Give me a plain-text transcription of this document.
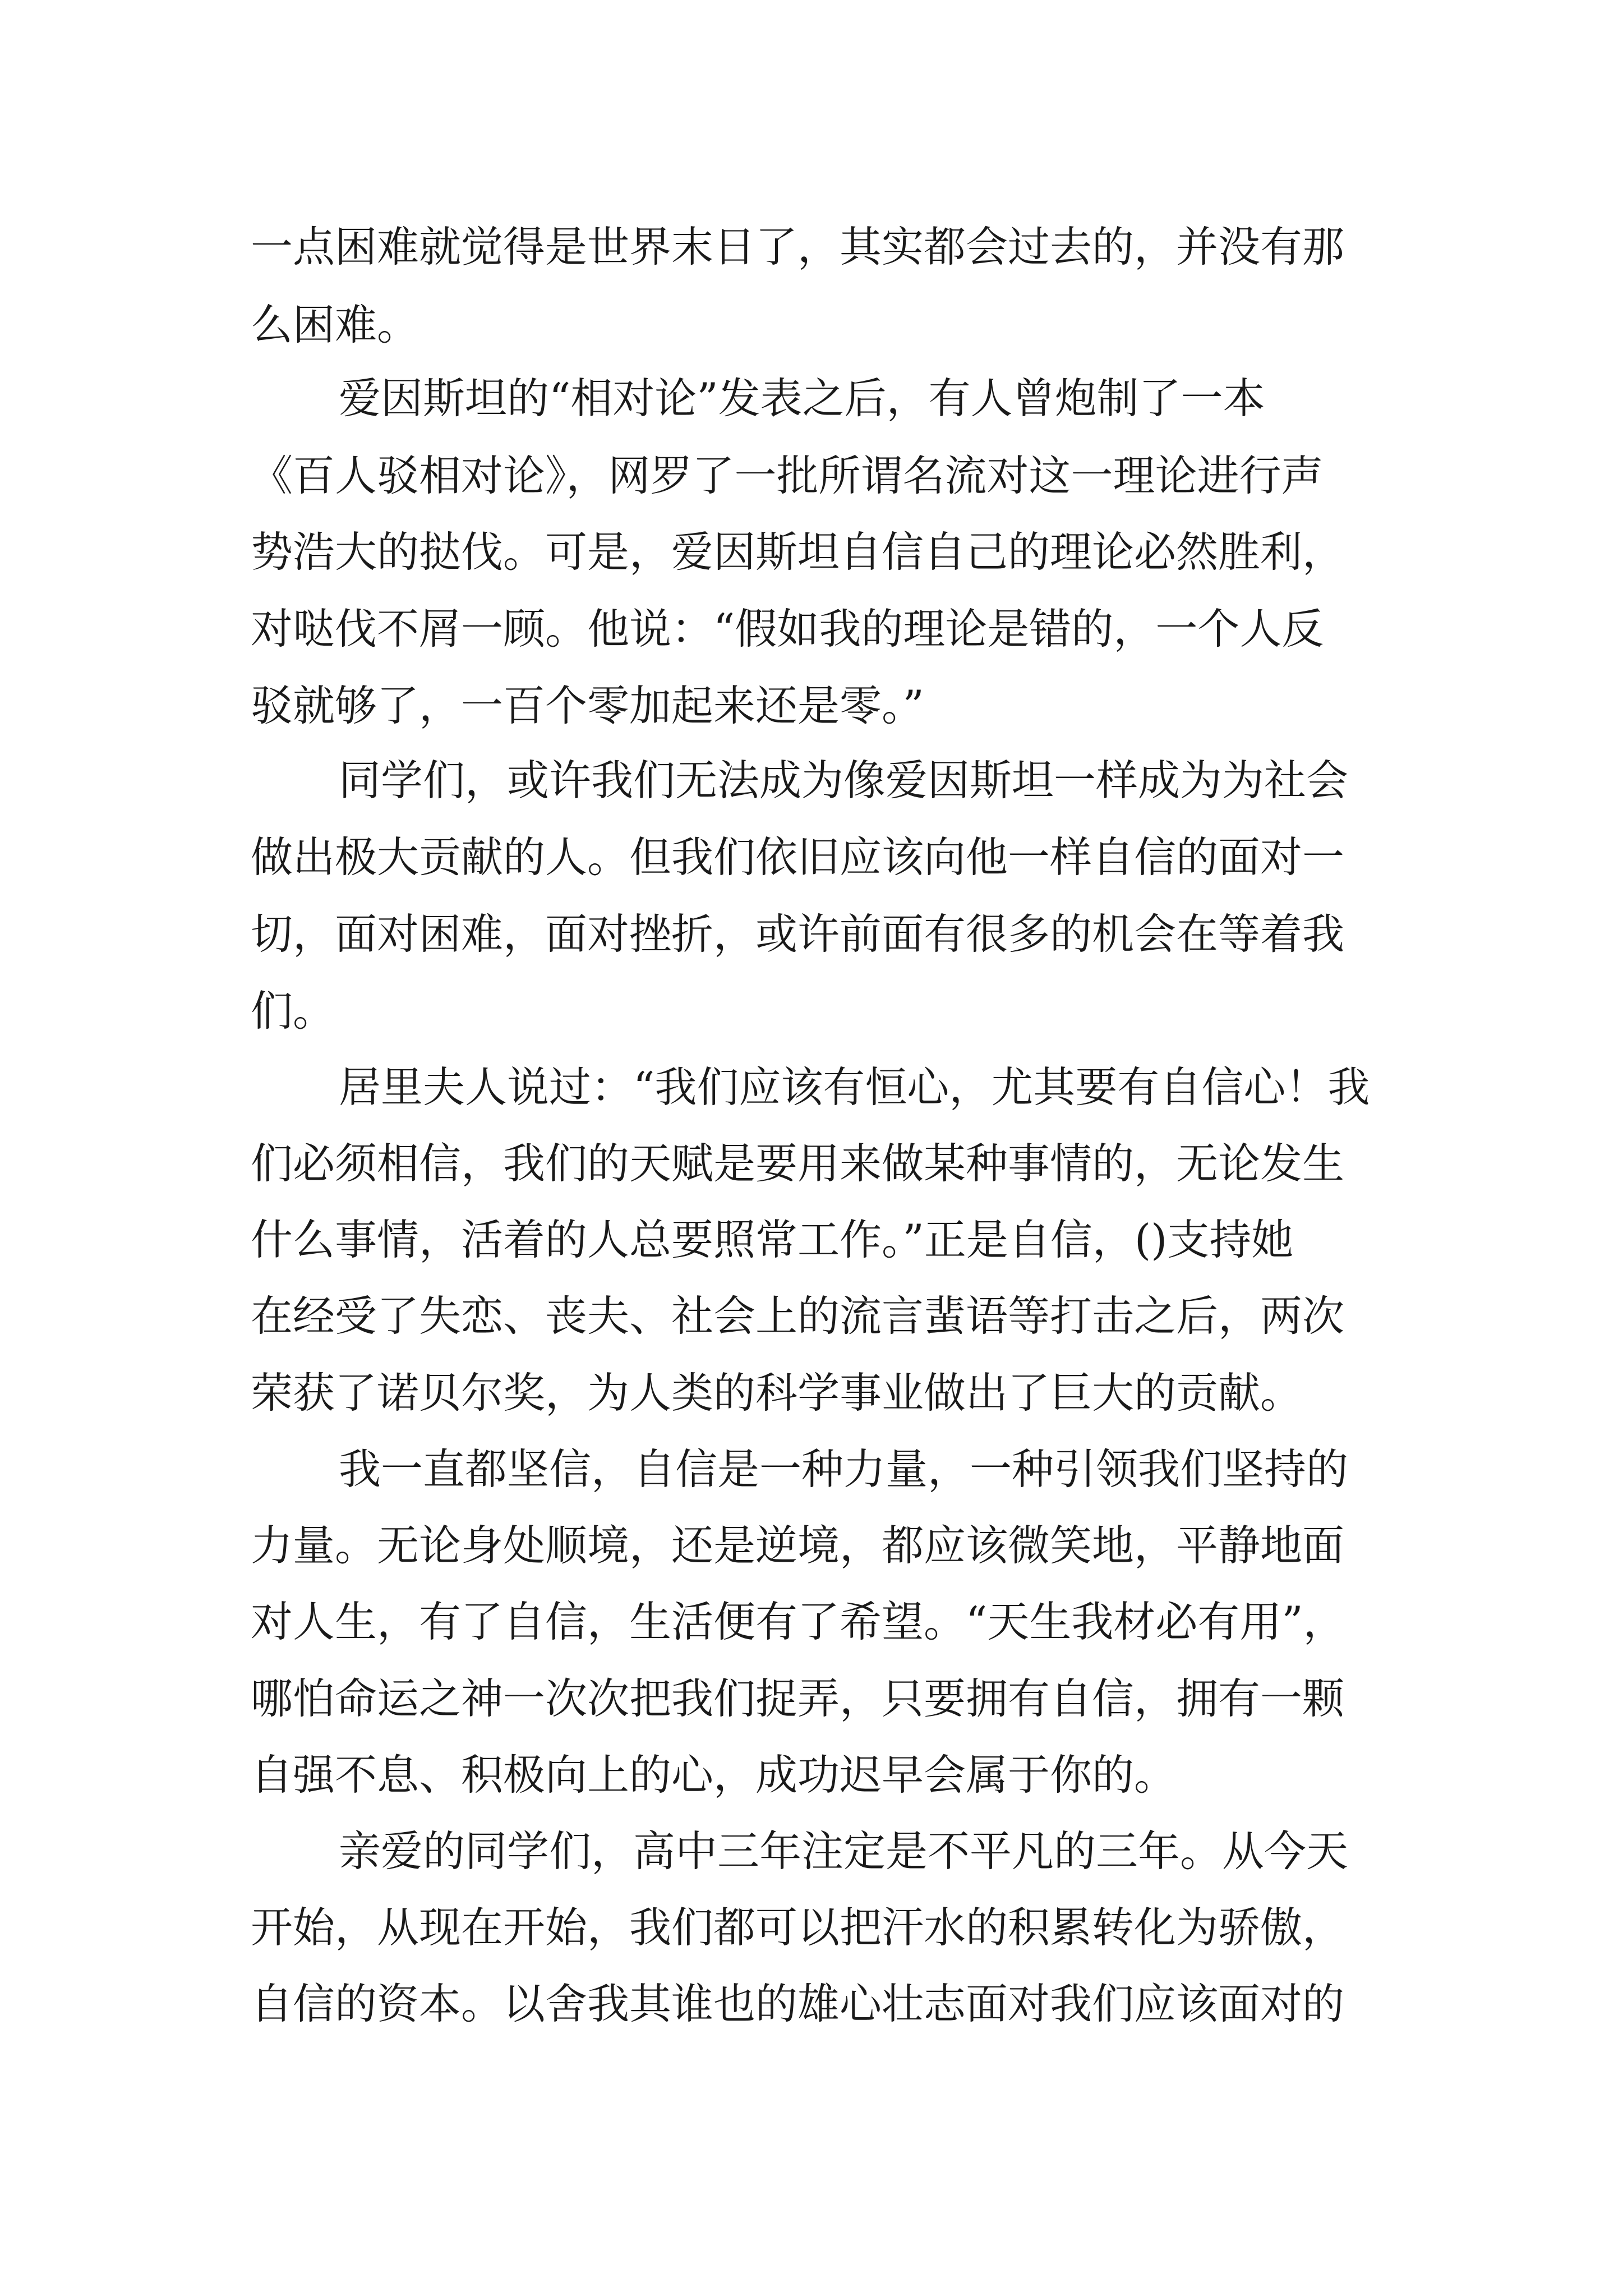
一点困难就觉得是世界末日了，其实都会过去的，并没有那
么困难。
爱因斯坦的“相对论”发表之后，有人曾炮制了一本
《百人驳相对论》，网罗了一批所谓名流对这一理论进行声
势浩大的挞伐。可是，爱因斯坦自信自己的理论必然胜利，
对哒伐不屑一顾。他说：“假如我的理论是错的，一个人反
驳就够了，一百个零加起来还是零。”
同学们，或许我们无法成为像爱因斯坦一样成为为社会
做出极大贡献的人。但我们依旧应该向他一样自信的面对一
切，面对困难，面对挫折，或许前面有很多的机会在等着我
们。
居里夫人说过：“我们应该有恒心，尤其要有自信心！我
们必须相信，我们的天赋是要用来做某种事情的，无论发生
什么事情，活着的人总要照常工作。”正是自信，()支持她
在经受了失恋、丧夫、社会上的流言蜚语等打击之后，两次
荣获了诺贝尔奖，为人类的科学事业做出了巨大的贡献。
我一直都坚信，自信是一种力量，一种引领我们坚持的
力量。无论身处顺境，还是逆境，都应该微笑地，平静地面
对人生，有了自信，生活便有了希望。“天生我材必有用”，
哪怕命运之神一次次把我们捉弄，只要拥有自信，拥有一颗
自强不息、积极向上的心，成功迟早会属于你的。
亲爱的同学们，高中三年注定是不平凡的三年。从今天
开始，从现在开始，我们都可以把汗水的积累转化为骄傲，
自信的资本。以舍我其谁也的雄心壮志面对我们应该面对的
